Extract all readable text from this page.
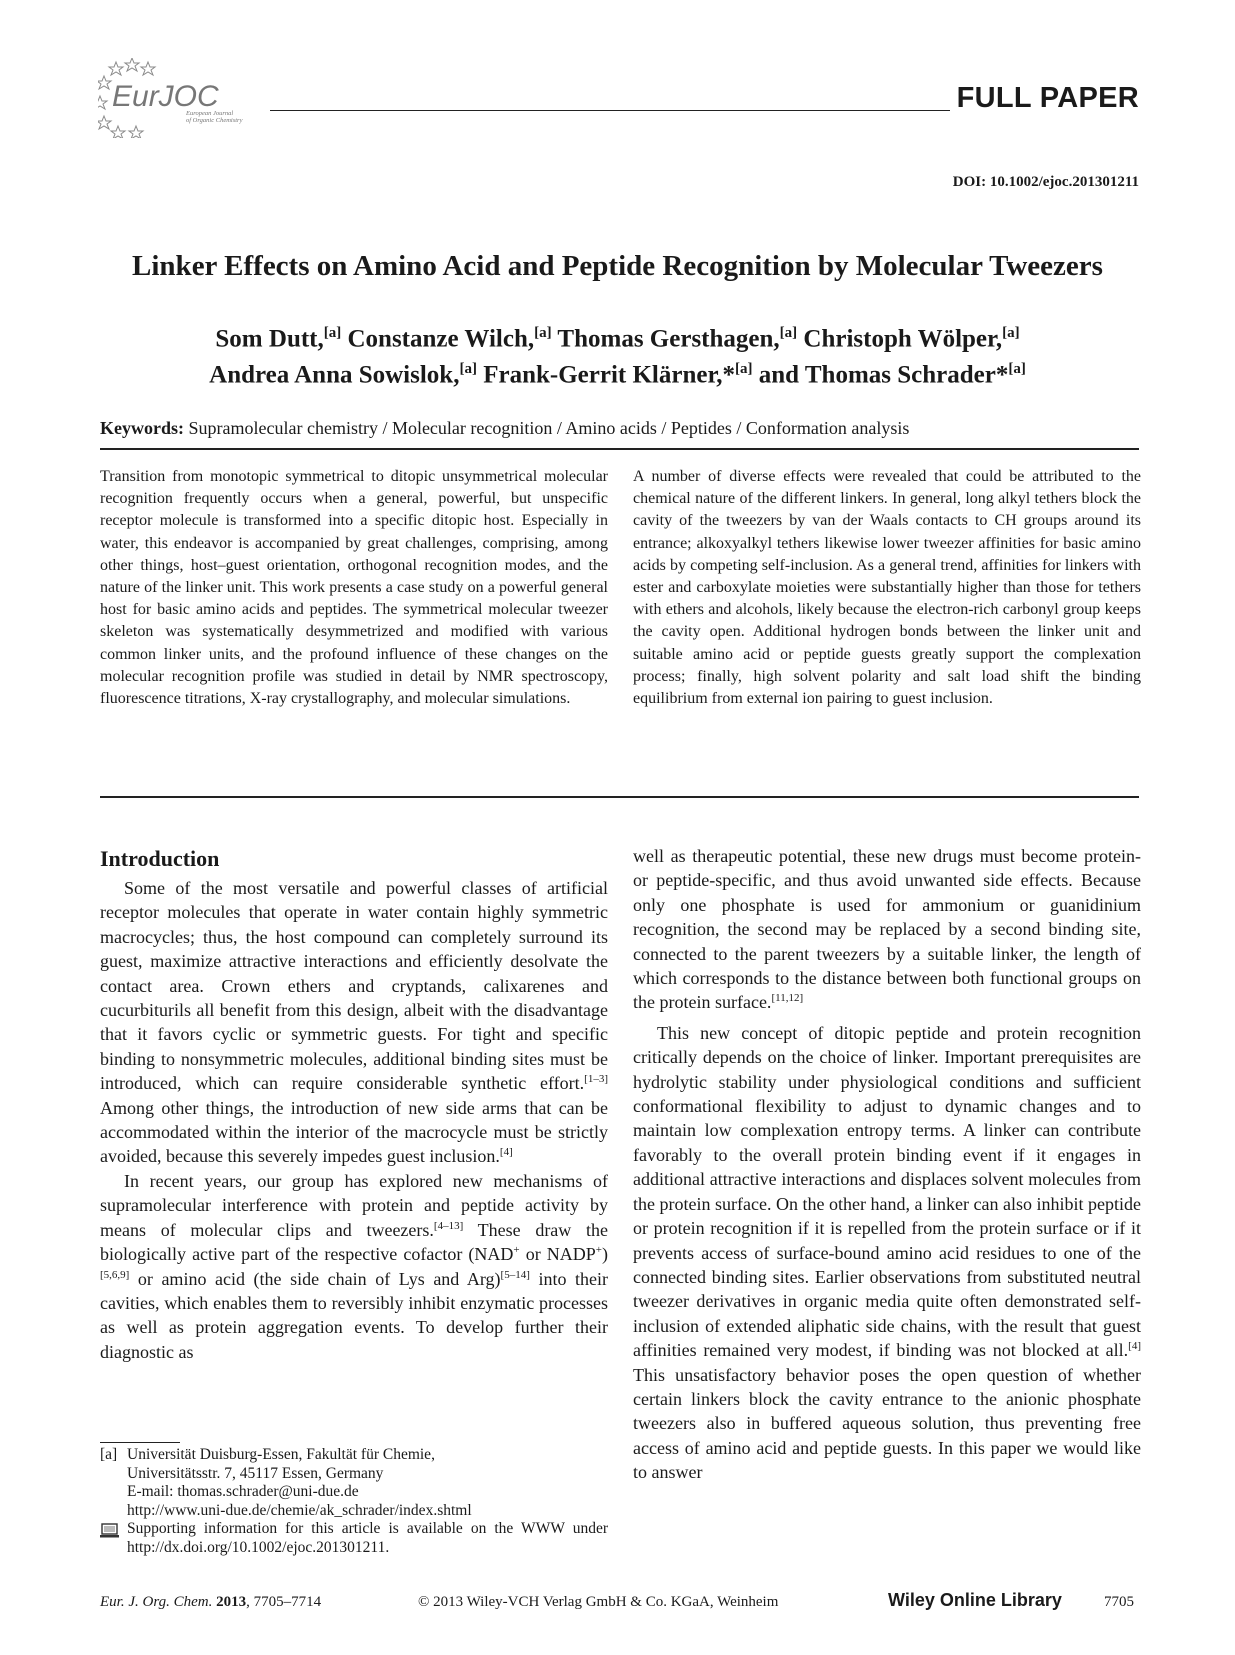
EurJOC
European Journal
of Organic Chemistry
FULL PAPER
DOI: 10.1002/ejoc.201301211
Linker Effects on Amino Acid and Peptide Recognition by Molecular Tweezers
Som Dutt,[a] Constanze Wilch,[a] Thomas Gersthagen,[a] Christoph Wölper,[a]
Andrea Anna Sowislok,[a] Frank-Gerrit Klärner,*[a] and Thomas Schrader*[a]
Keywords: Supramolecular chemistry / Molecular recognition / Amino acids / Peptides / Conformation analysis
Transition from monotopic symmetrical to ditopic unsymmetrical molecular recognition frequently occurs when a general, powerful, but unspecific receptor molecule is transformed into a specific ditopic host. Especially in water, this endeavor is accompanied by great challenges, comprising, among other things, host–guest orientation, orthogonal recognition modes, and the nature of the linker unit. This work presents a case study on a powerful general host for basic amino acids and peptides. The symmetrical molecular tweezer skeleton was systematically desymmetrized and modified with various common linker units, and the profound influence of these changes on the molecular recognition profile was studied in detail by NMR spectroscopy, fluorescence titrations, X-ray crystallography, and molecular simulations.
A number of diverse effects were revealed that could be attributed to the chemical nature of the different linkers. In general, long alkyl tethers block the cavity of the tweezers by van der Waals contacts to CH groups around its entrance; alkoxyalkyl tethers likewise lower tweezer affinities for basic amino acids by competing self-inclusion. As a general trend, affinities for linkers with ester and carboxylate moieties were substantially higher than those for tethers with ethers and alcohols, likely because the electron-rich carbonyl group keeps the cavity open. Additional hydrogen bonds between the linker unit and suitable amino acid or peptide guests greatly support the complexation process; finally, high solvent polarity and salt load shift the binding equilibrium from external ion pairing to guest inclusion.
Introduction

Some of the most versatile and powerful classes of artificial receptor molecules that operate in water contain highly symmetric macrocycles; thus, the host compound can completely surround its guest, maximize attractive interactions and efficiently desolvate the contact area. Crown ethers and cryptands, calixarenes and cucurbiturils all benefit from this design, albeit with the disadvantage that it favors cyclic or symmetric guests. For tight and specific binding to nonsymmetric molecules, additional binding sites must be introduced, which can require considerable synthetic effort.[1–3] Among other things, the introduction of new side arms that can be accommodated within the interior of the macrocycle must be strictly avoided, because this severely impedes guest inclusion.[4]

In recent years, our group has explored new mechanisms of supramolecular interference with protein and peptide activity by means of molecular clips and tweezers.[4–13] These draw the biologically active part of the respective cofactor (NAD+ or NADP+)[5,6,9] or amino acid (the side chain of Lys and Arg)[5–14] into their cavities, which enables them to reversibly inhibit enzymatic processes as well as protein aggregation events. To develop further their diagnostic as

well as therapeutic potential, these new drugs must become protein- or peptide-specific, and thus avoid unwanted side effects. Because only one phosphate is used for ammonium or guanidinium recognition, the second may be replaced by a second binding site, connected to the parent tweezers by a suitable linker, the length of which corresponds to the distance between both functional groups on the protein surface.[11,12]

This new concept of ditopic peptide and protein recognition critically depends on the choice of linker. Important prerequisites are hydrolytic stability under physiological conditions and sufficient conformational flexibility to adjust to dynamic changes and to maintain low complexation entropy terms. A linker can contribute favorably to the overall protein binding event if it engages in additional attractive interactions and displaces solvent molecules from the protein surface. On the other hand, a linker can also inhibit peptide or protein recognition if it is repelled from the protein surface or if it prevents access of surface-bound amino acid residues to one of the connected binding sites. Earlier observations from substituted neutral tweezer derivatives in organic media quite often demonstrated self-inclusion of extended aliphatic side chains, with the result that guest affinities remained very modest, if binding was not blocked at all.[4] This unsatisfactory behavior poses the open question of whether certain linkers block the cavity entrance to the anionic phosphate tweezers also in buffered aqueous solution, thus preventing free access of amino acid and peptide guests. In this paper we would like to answer

[a] Universität Duisburg-Essen, Fakultät für Chemie,
Universitätsstr. 7, 45117 Essen, Germany
E-mail: thomas.schrader@uni-due.de
http://www.uni-due.de/chemie/ak_schrader/index.shtml
Supporting information for this article is available on the WWW under http://dx.doi.org/10.1002/ejoc.201301211.
Eur. J. Org. Chem. 2013, 7705–7714	© 2013 Wiley-VCH Verlag GmbH & Co. KGaA, Weinheim	Wiley Online Library	7705
